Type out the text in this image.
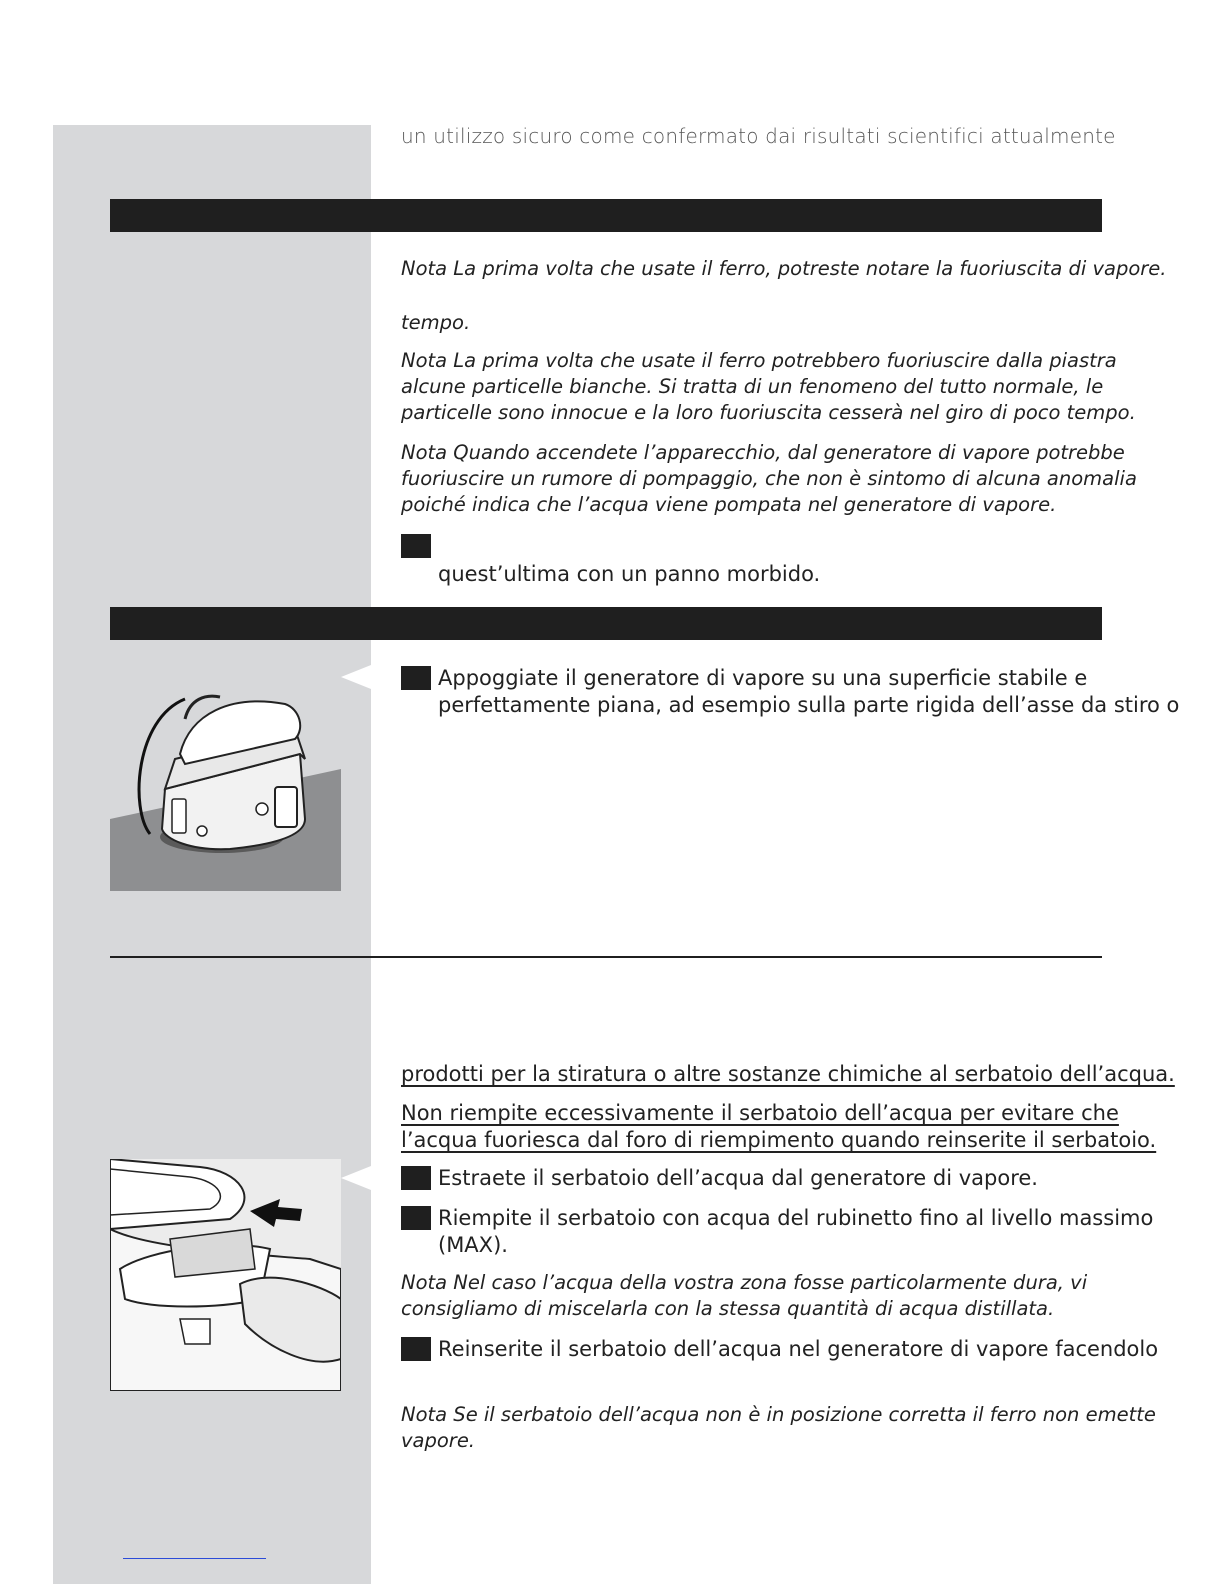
un utilizzo sicuro come confermato dai risultati scientifici attualmente

Nota La prima volta che usate il ferro, potreste notare la fuoriuscita di vapore.

tempo.

Nota La prima volta che usate il ferro potrebbero fuoriuscire dalla piastra
alcune particelle bianche. Si tratta di un fenomeno del tutto normale, le
particelle sono innocue e la loro fuoriuscita cesserà nel giro di poco tempo.
Nota Quando accendete l’apparecchio, dal generatore di vapore potrebbe
fuoriuscire un rumore di pompaggio, che non è sintomo di alcuna anomalia
poiché indica che l’acqua viene pompata nel generatore di vapore.

quest’ultima con un panno morbido.

Appoggiate il generatore di vapore su una superficie stabile e
perfettamente piana, ad esempio sulla parte rigida dell’asse da stiro o

prodotti per la stiratura o altre sostanze chimiche al serbatoio dell’acqua.

Non riempite eccessivamente il serbatoio dell’acqua per evitare che
l’acqua fuoriesca dal foro di riempimento quando reinserite il serbatoio.
Estraete il serbatoio dell’acqua dal generatore di vapore.
Riempite il serbatoio con acqua del rubinetto fino al livello massimo
(MAX).
Nota Nel caso l’acqua della vostra zona fosse particolarmente dura, vi
consigliamo di miscelarla con la stessa quantità di acqua distillata.
Reinserite il serbatoio dell’acqua nel generatore di vapore facendolo
Nota Se il serbatoio dell’acqua non è in posizione corretta il ferro non emette
vapore.
